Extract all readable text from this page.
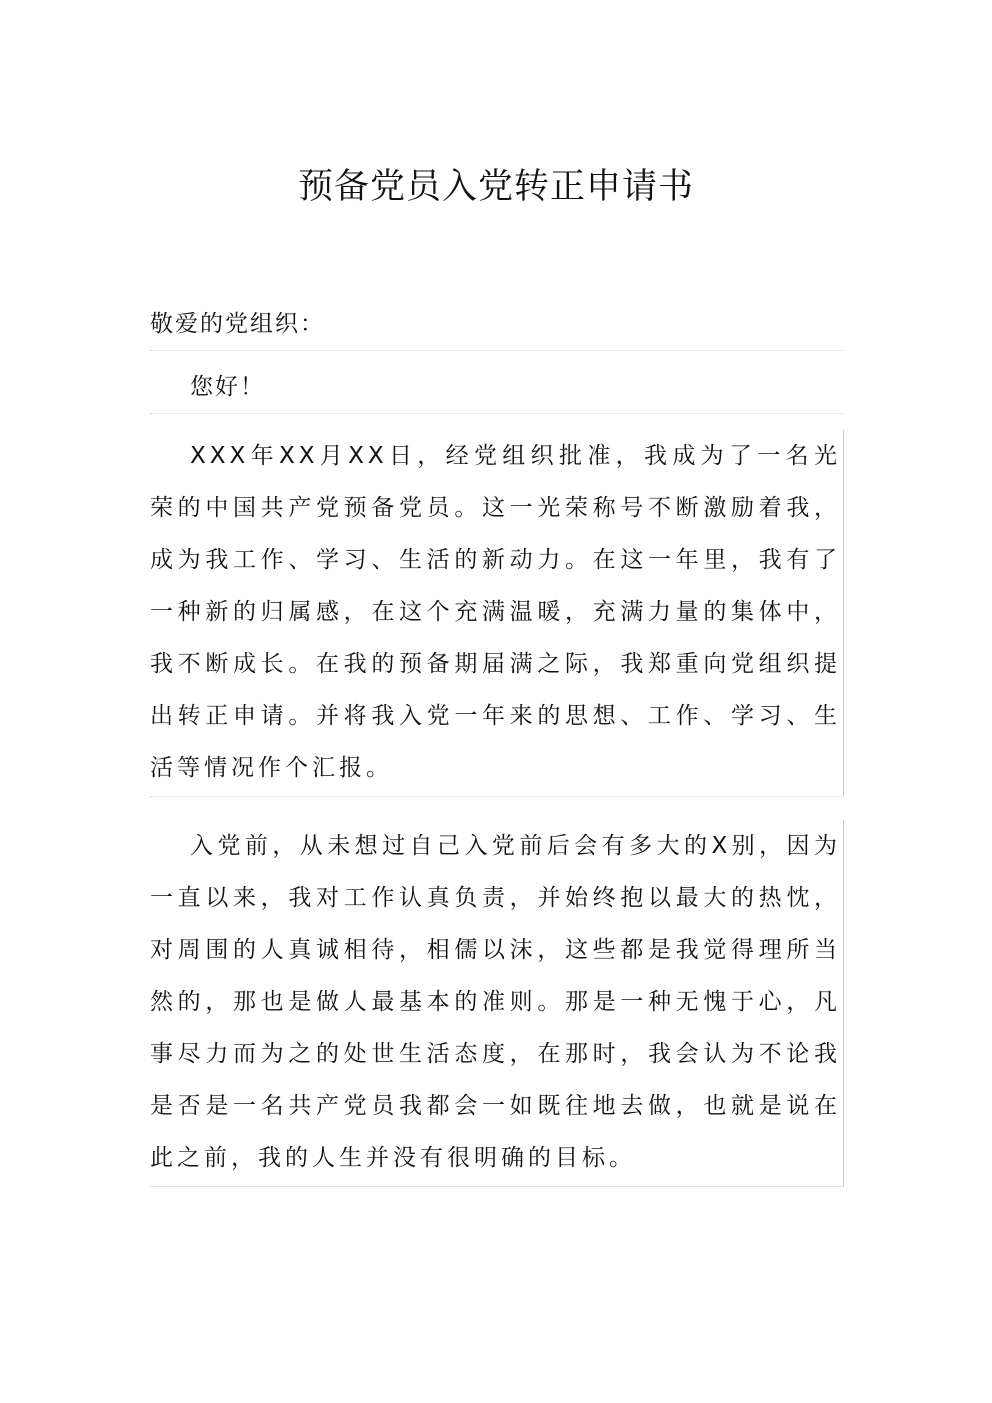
预备党员入党转正申请书
敬爱的党组织：
您好！

XXX年XX月XX日，经党组织批准，我成为了一名光荣的中国共产党预备党员。这一光荣称号不断激励着我，成为我工作、学习、生活的新动力。在这一年里，我有了一种新的归属感，在这个充满温暖，充满力量的集体中，我不断成长。在我的预备期届满之际，我郑重向党组织提出转正申请。并将我入党一年来的思想、工作、学习、生活等情况作个汇报。

入党前，从未想过自己入党前后会有多大的X别，因为一直以来，我对工作认真负责，并始终抱以最大的热忱，对周围的人真诚相待，相儒以沫，这些都是我觉得理所当然的，那也是做人最基本的准则。那是一种无愧于心，凡事尽力而为之的处世生活态度，在那时，我会认为不论我是否是一名共产党员我都会一如既往地去做，也就是说在此之前，我的人生并没有很明确的目标。
